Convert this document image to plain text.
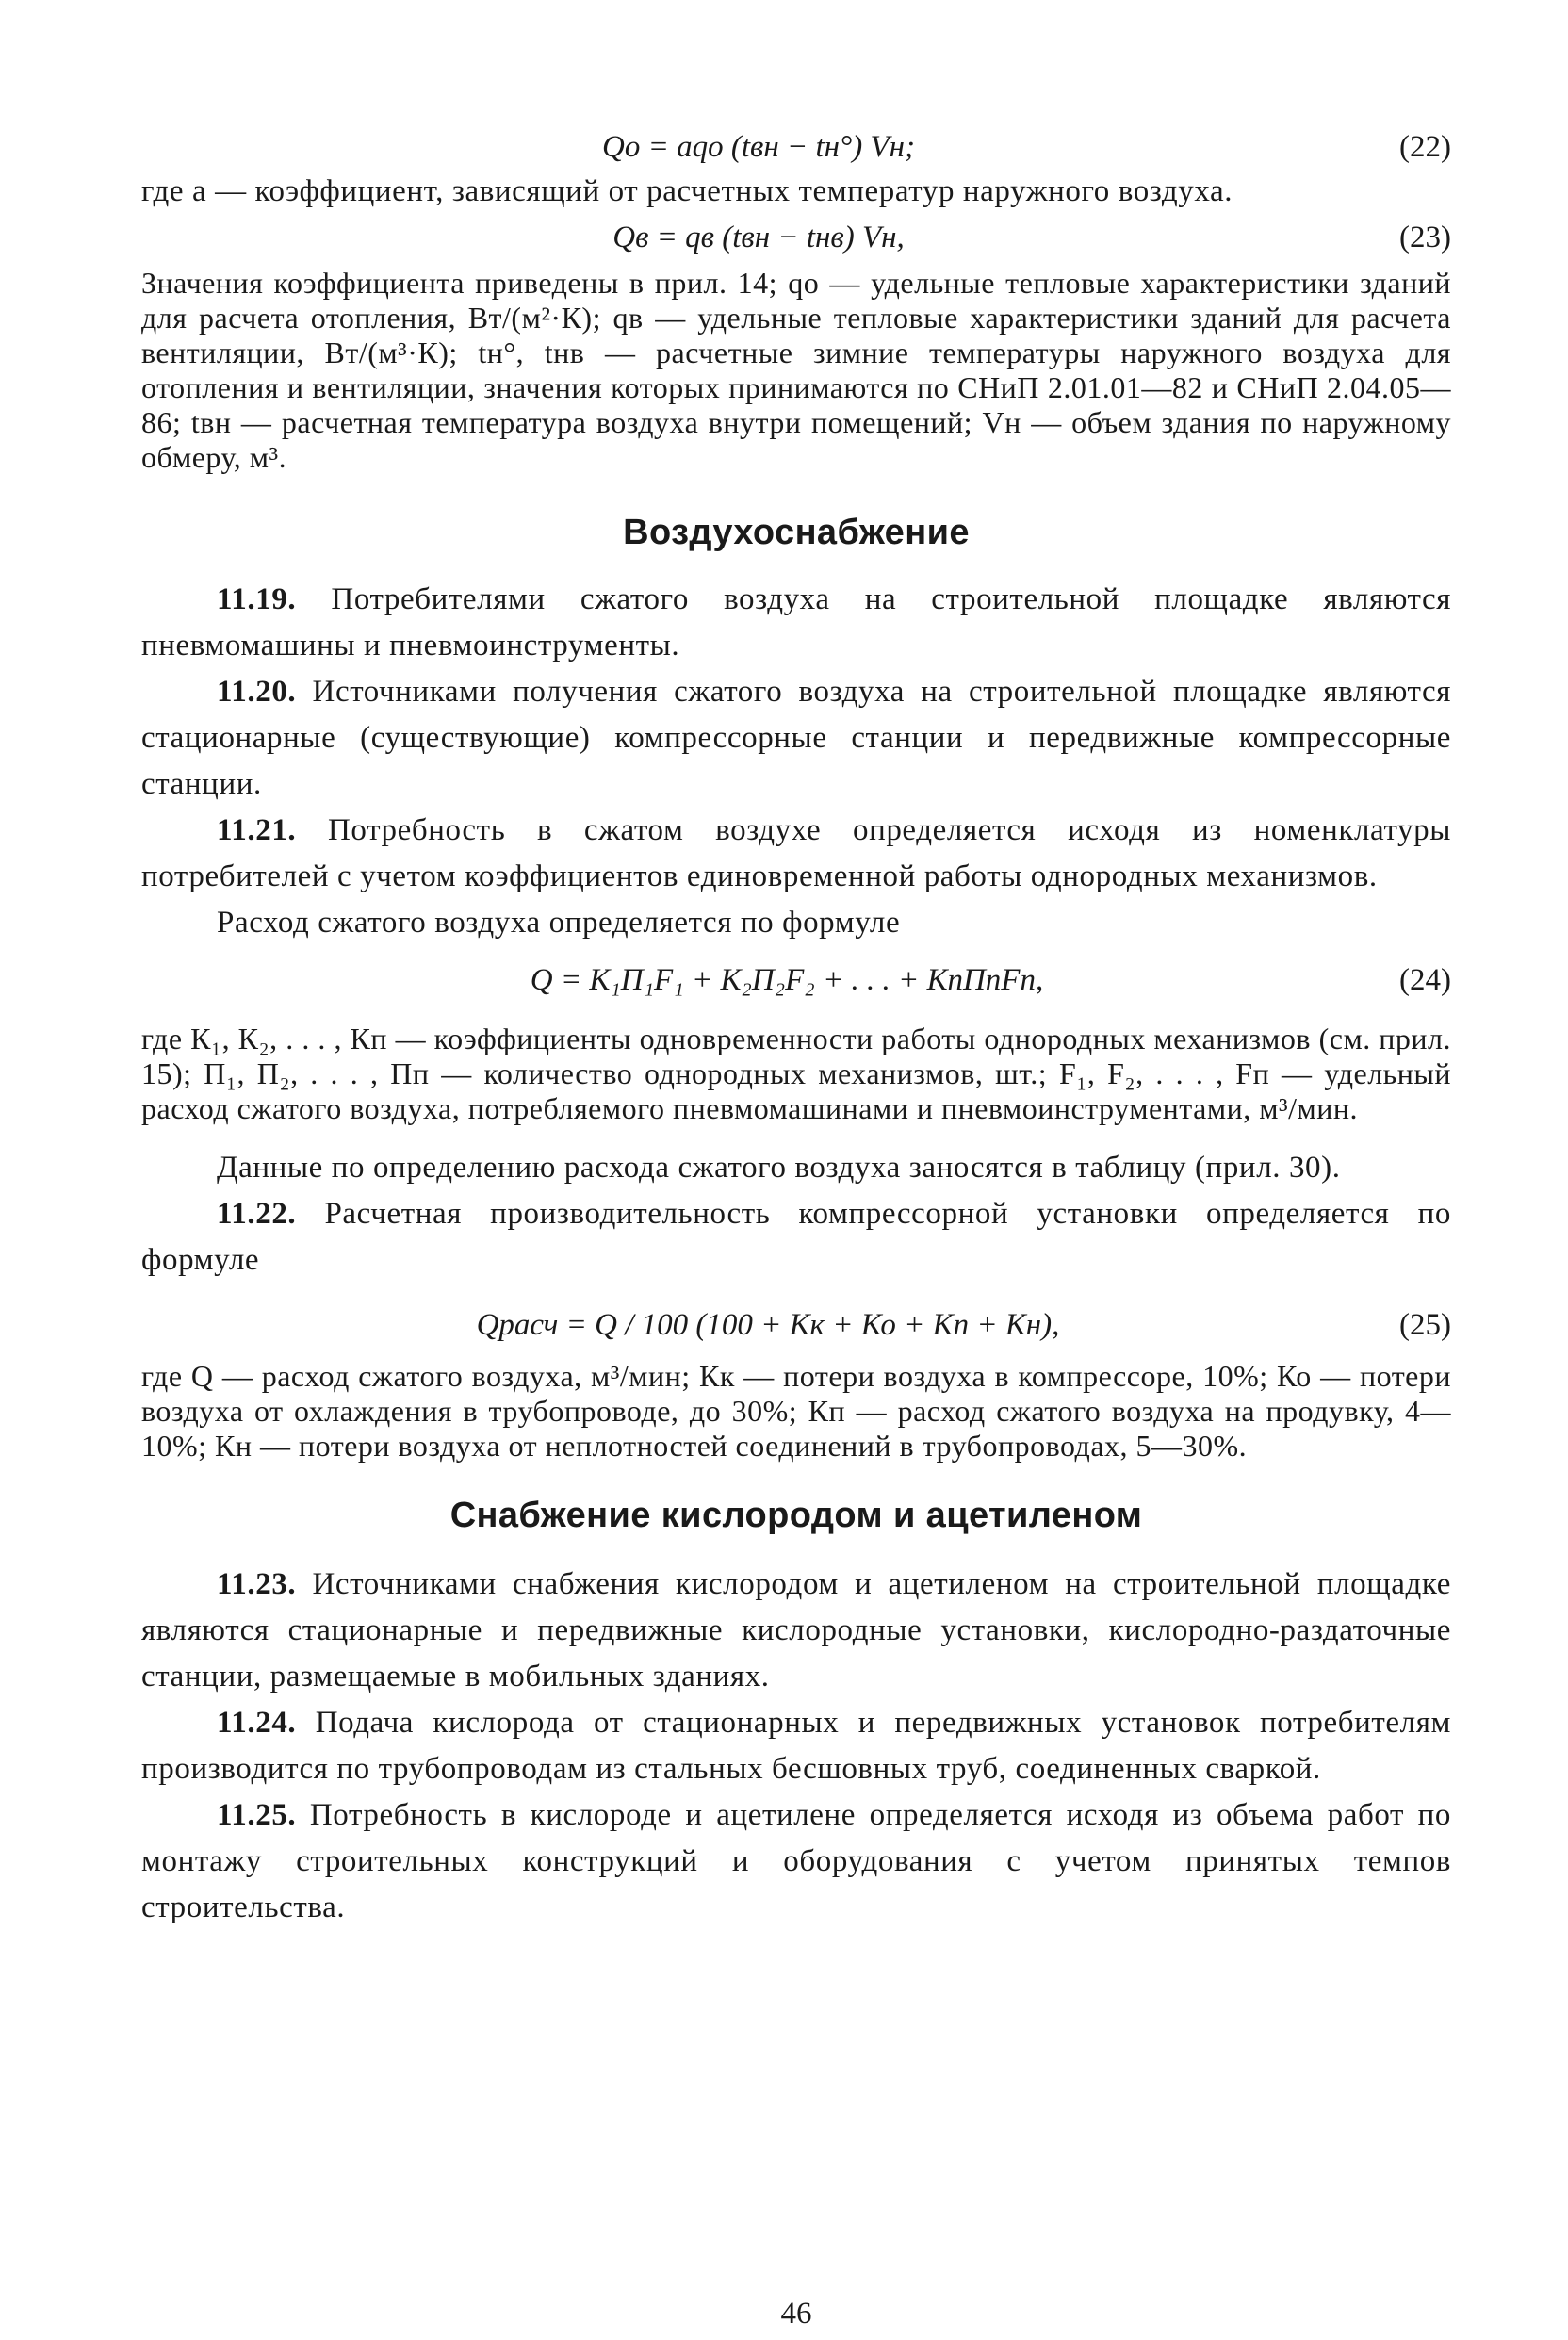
Qо = aqо (tвн − tн°) Vн;	(22)

где a — коэффициент, зависящий от расчетных температур наружного воздуха.

Qв = qв (tвн − tнв) Vн,	(23)

Значения коэффициента приведены в прил. 14; qо — удельные тепловые характеристики зданий для расчета отопления, Вт/(м²·К); qв — удельные тепловые характеристики зданий для расчета вентиляции, Вт/(м³·К); tн°, tнв — расчетные зимние температуры наружного воздуха для отопления и вентиляции, значения которых принимаются по СНиП 2.01.01—82 и СНиП 2.04.05—86; tвн — расчетная температура воздуха внутри помещений; Vн — объем здания по наружному обмеру, м³.

Воздухоснабжение

11.19. Потребителями сжатого воздуха на строительной площадке являются пневмомашины и пневмоинструменты.

11.20. Источниками получения сжатого воздуха на строительной площадке являются стационарные (существующие) компрессорные станции и передвижные компрессорные станции.

11.21. Потребность в сжатом воздухе определяется исходя из номенклатуры потребителей с учетом коэффициентов единовременной работы однородных механизмов.

Расход сжатого воздуха определяется по формуле

Q = К₁П₁F₁ + К₂П₂F₂ + . . . + КпПпFп,	(24)

где К₁, К₂, . . . , Кп — коэффициенты одновременности работы однородных механизмов (см. прил. 15); П₁, П₂, . . . , Пп — количество однородных механизмов, шт.; F₁, F₂, . . . , Fп — удельный расход сжатого воздуха, потребляемого пневмомашинами и пневмоинструментами, м³/мин.

Данные по определению расхода сжатого воздуха заносятся в таблицу (прил. 30).

11.22. Расчетная производительность компрессорной установки определяется по формуле

Qрасч = Q / 100 (100 + Кк + Ко + Кп + Кн),	(25)

где Q — расход сжатого воздуха, м³/мин; Кк — потери воздуха в компрессоре, 10%; Ко — потери воздуха от охлаждения в трубопроводе, до 30%; Кп — расход сжатого воздуха на продувку, 4—10%; Кн — потери воздуха от неплотностей соединений в трубопроводах, 5—30%.

Снабжение кислородом и ацетиленом

11.23. Источниками снабжения кислородом и ацетиленом на строительной площадке являются стационарные и передвижные кислородные установки, кислородно-раздаточные станции, размещаемые в мобильных зданиях.

11.24. Подача кислорода от стационарных и передвижных установок потребителям производится по трубопроводам из стальных бесшовных труб, соединенных сваркой.

11.25. Потребность в кислороде и ацетилене определяется исходя из объема работ по монтажу строительных конструкций и оборудования с учетом принятых темпов строительства.

46
